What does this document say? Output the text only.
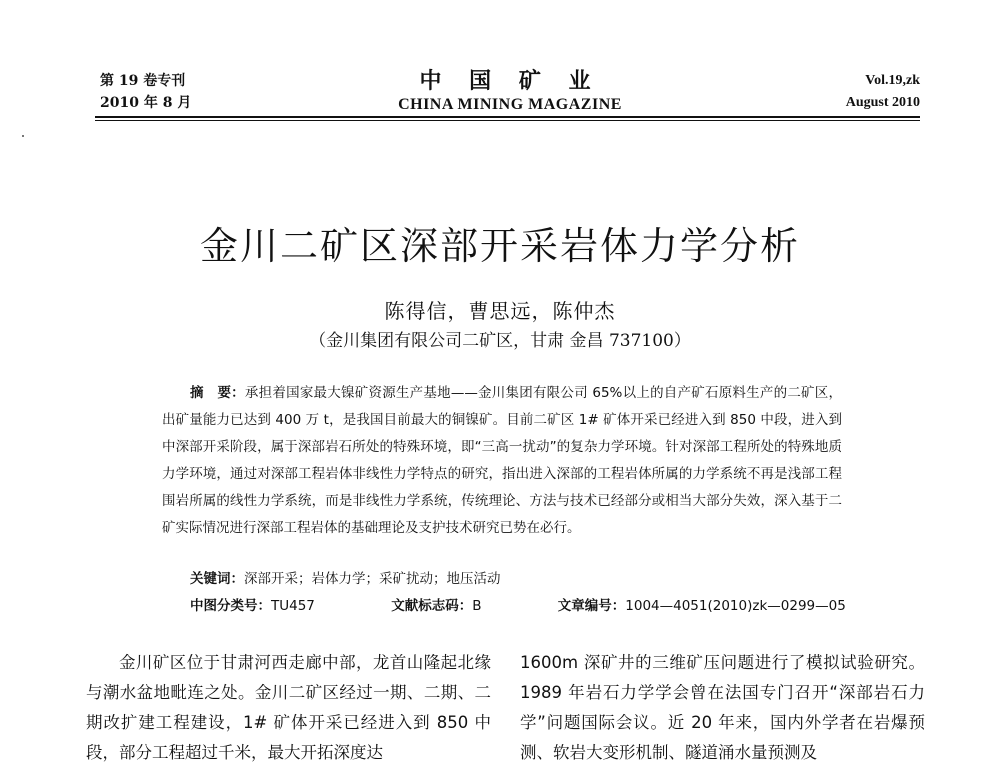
第 19 卷专刊
2010 年 8 月
中 国 矿 业
CHINA MINING MAGAZINE
Vol.19,zk
August 2010
金川二矿区深部开采岩体力学分析
陈得信，曹思远，陈仲杰
（金川集团有限公司二矿区，甘肃 金昌 737100）
摘　要：承担着国家最大镍矿资源生产基地——金川集团有限公司 65%以上的自产矿石原料生产的二矿区，出矿量能力已达到 400 万 t，是我国目前最大的铜镍矿。目前二矿区 1# 矿体开采已经进入到 850 中段，进入到中深部开采阶段，属于深部岩石所处的特殊环境，即“三高一扰动”的复杂力学环境。针对深部工程所处的特殊地质力学环境，通过对深部工程岩体非线性力学特点的研究，指出进入深部的工程岩体所属的力学系统不再是浅部工程围岩所属的线性力学系统，而是非线性力学系统，传统理论、方法与技术已经部分或相当大部分失效，深入基于二矿实际情况进行深部工程岩体的基础理论及支护技术研究已势在必行。
关键词：深部开采；岩体力学；采矿扰动；地压活动
中图分类号：TU457	文献标志码：B	文章编号：1004—4051(2010)zk—0299—05

金川矿区位于甘肃河西走廊中部，龙首山隆起北缘与潮水盆地毗连之处。金川二矿区经过一期、二期、二期改扩建工程建设，1# 矿体开采已经进入到 850 中段，部分工程超过千米，最大开拓深度达

1600m 深矿井的三维矿压问题进行了模拟试验研究。1989 年岩石力学学会曾在法国专门召开“深部岩石力学”问题国际会议。近 20 年来，国内外学者在岩爆预测、软岩大变形机制、隧道涌水量预测及
